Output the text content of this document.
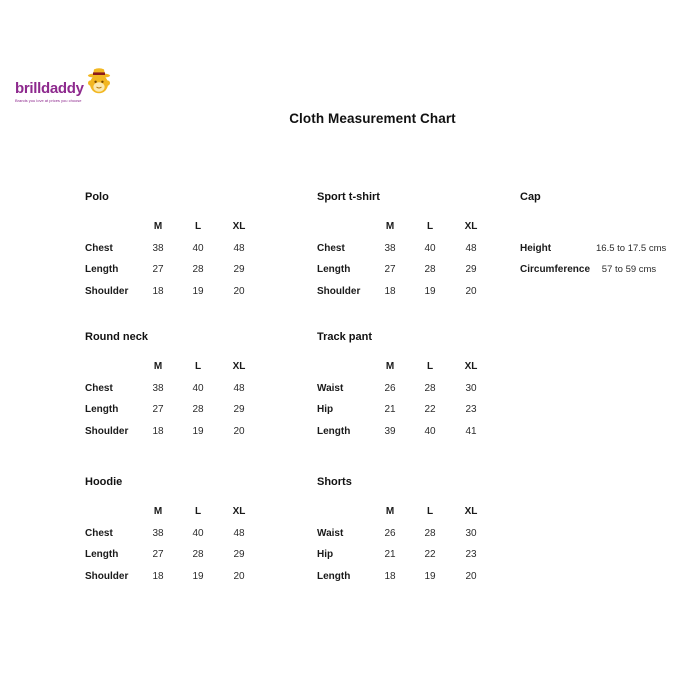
brilldaddy
Brands you love at prices you choose
Cloth Measurement Chart
Polo
M	L	XL
Chest	38	40	48
Length	27	28	29
Shoulder	18	19	20
Sport t-shirt
M	L	XL
Chest	38	40	48
Length	27	28	29
Shoulder	18	19	20
Cap
Height	16.5 to 17.5 cms
Circumference	57 to 59 cms
Round neck
M	L	XL
Chest	38	40	48
Length	27	28	29
Shoulder	18	19	20
Track pant
M	L	XL
Waist	26	28	30
Hip	21	22	23
Length	39	40	41
Hoodie
M	L	XL
Chest	38	40	48
Length	27	28	29
Shoulder	18	19	20
Shorts
M	L	XL
Waist	26	28	30
Hip	21	22	23
Length	18	19	20
